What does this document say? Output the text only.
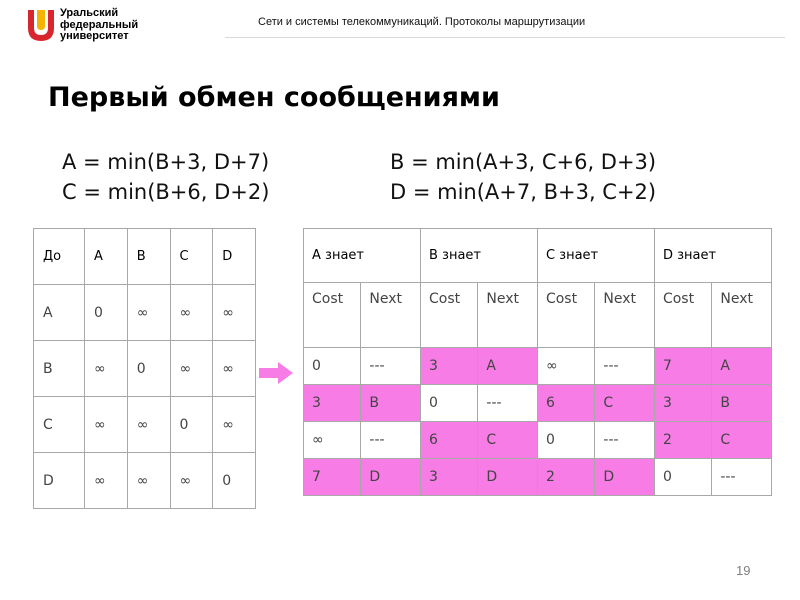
Уральский
федеральный
университет
Сети и системы телекоммуникаций. Протоколы маршрутизации
Первый обмен сообщениями
A = min(B+3, D+7)
C = min(B+6, D+2)
B = min(A+3, C+6, D+3)
D = min(A+7, B+3, C+2)
До	A	B	C	D
A	0	∞	∞	∞
B	∞	0	∞	∞
C	∞	∞	0	∞
D	∞	∞	∞	0
A знает		B знает		C знает		D знает	
Cost	Next	Cost	Next	Cost	Next	Cost	Next
0	---	3	A	∞	---	7	A
3	B	0	---	6	C	3	B
∞	---	6	C	0	---	2	C
7	D	3	D	2	D	0	---
19
